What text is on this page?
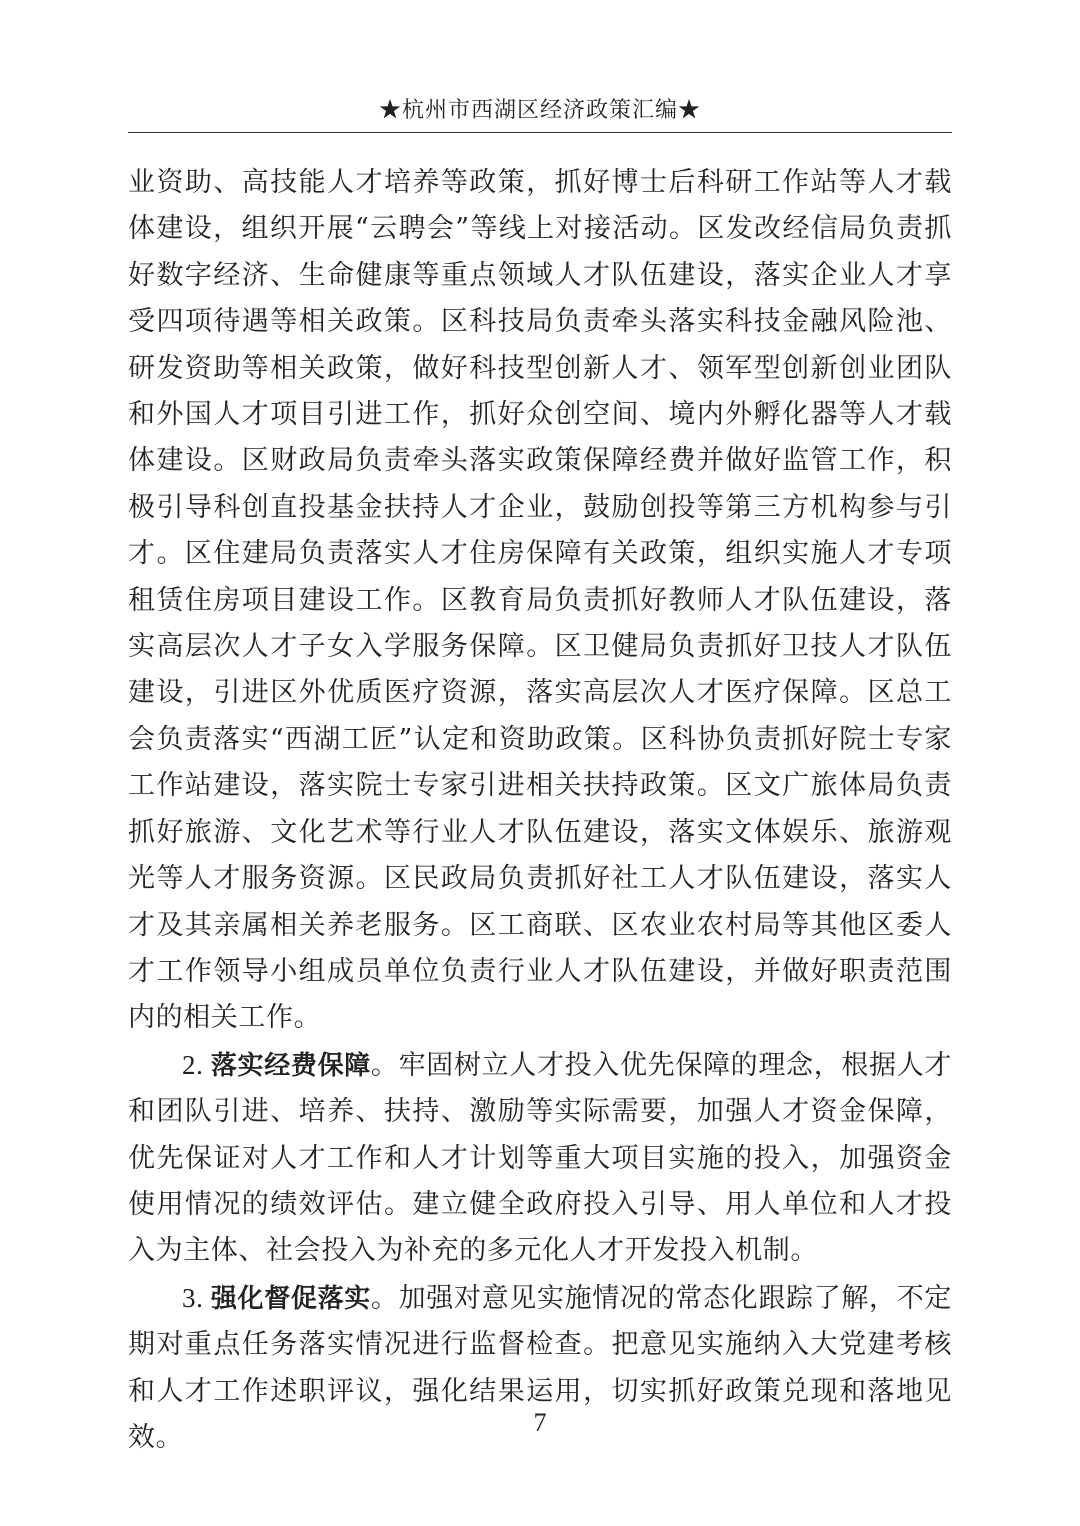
★杭州市西湖区经济政策汇编★

业资助、高技能人才培养等政策，抓好博士后科研工作站等人才载体建设，组织开展“云聘会”等线上对接活动。区发改经信局负责抓好数字经济、生命健康等重点领域人才队伍建设，落实企业人才享受四项待遇等相关政策。区科技局负责牵头落实科技金融风险池、研发资助等相关政策，做好科技型创新人才、领军型创新创业团队和外国人才项目引进工作，抓好众创空间、境内外孵化器等人才载体建设。区财政局负责牵头落实政策保障经费并做好监管工作，积极引导科创直投基金扶持人才企业，鼓励创投等第三方机构参与引才。区住建局负责落实人才住房保障有关政策，组织实施人才专项租赁住房项目建设工作。区教育局负责抓好教师人才队伍建设，落实高层次人才子女入学服务保障。区卫健局负责抓好卫技人才队伍建设，引进区外优质医疗资源，落实高层次人才医疗保障。区总工会负责落实“西湖工匠”认定和资助政策。区科协负责抓好院士专家工作站建设，落实院士专家引进相关扶持政策。区文广旅体局负责抓好旅游、文化艺术等行业人才队伍建设，落实文体娱乐、旅游观光等人才服务资源。区民政局负责抓好社工人才队伍建设，落实人才及其亲属相关养老服务。区工商联、区农业农村局等其他区委人才工作领导小组成员单位负责行业人才队伍建设，并做好职责范围内的相关工作。

2. 落实经费保障。牢固树立人才投入优先保障的理念，根据人才和团队引进、培养、扶持、激励等实际需要，加强人才资金保障，优先保证对人才工作和人才计划等重大项目实施的投入，加强资金使用情况的绩效评估。建立健全政府投入引导、用人单位和人才投入为主体、社会投入为补充的多元化人才开发投入机制。

3. 强化督促落实。加强对意见实施情况的常态化跟踪了解，不定期对重点任务落实情况进行监督检查。把意见实施纳入大党建考核和人才工作述职评议，强化结果运用，切实抓好政策兑现和落地见效。	7
